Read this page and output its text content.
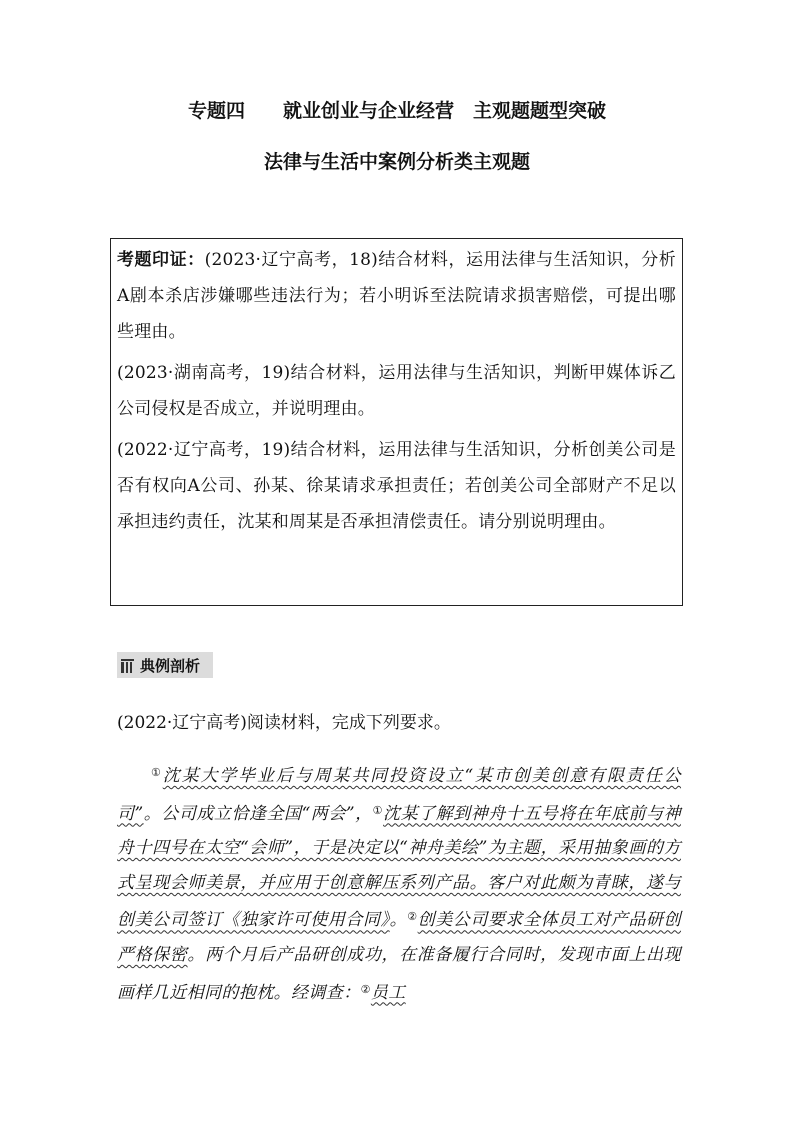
专题四　　就业创业与企业经营　主观题题型突破
法律与生活中案例分析类主观题

考题印证：(2023·辽宁高考，18)结合材料，运用法律与生活知识，分析A剧本杀店涉嫌哪些违法行为；若小明诉至法院请求损害赔偿，可提出哪些理由。

(2023·湖南高考，19)结合材料，运用法律与生活知识，判断甲媒体诉乙公司侵权是否成立，并说明理由。

(2022·辽宁高考，19)结合材料，运用法律与生活知识，分析创美公司是否有权向A公司、孙某、徐某请求承担责任；若创美公司全部财产不足以承担违约责任，沈某和周某是否承担清偿责任。请分别说明理由。

典例剖析
(2022·辽宁高考)阅读材料，完成下列要求。
①沈某大学毕业后与周某共同投资设立“某市创美创意有限责任公司”。公司成立恰逢全国“两会”，①沈某了解到神舟十五号将在年底前与神舟十四号在太空“会师”，于是决定以“神舟美绘”为主题，采用抽象画的方式呈现会师美景，并应用于创意解压系列产品。客户对此颇为青睐，遂与创美公司签订《独家许可使用合同》。②创美公司要求全体员工对产品研创严格保密。两个月后产品研创成功，在准备履行合同时，发现市面上出现画样几近相同的抱枕。经调查：②员工
